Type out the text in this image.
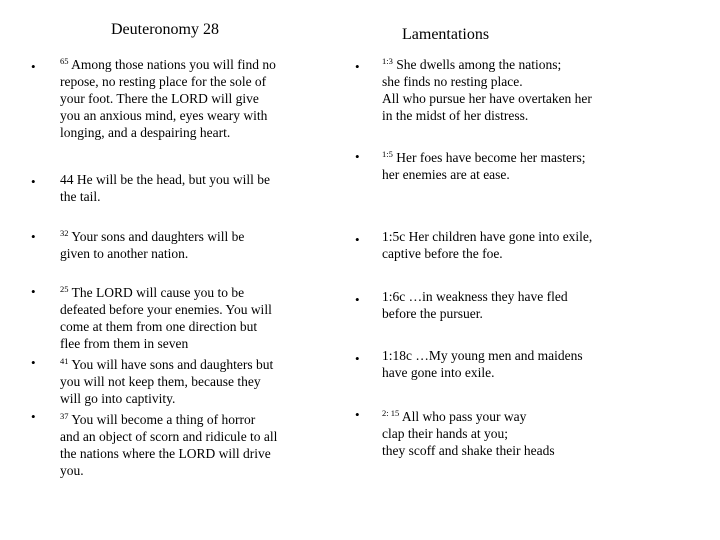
Deuteronomy 28	Lamentations
•	$^{65}$ Among those nations you will find no
repose, no resting place for the sole of
your foot. There the LORD will give
you an anxious mind, eyes weary with
longing, and a despairing heart.
• 44 He will be the head, but you will be
the tail.
•	$^{32}$ Your sons and daughters will be
given to another nation.
•	$^{25}$ The LORD will cause you to be
defeated before your enemies. You will
come at them from one direction but
flee from them in seven
•	$^{41}$ You will have sons and daughters but
you will not keep them, because they
will go into captivity.
•	$^{37}$ You will become a thing of horror
and an object of scorn and ridicule to all
the nations where the LORD will drive
you.
•	$^{1:3}$ She dwells among the nations;
she finds no resting place.
All who pursue her have overtaken her
in the midst of her distress.
•	$^{1:5}$ Her foes have become her masters;
her enemies are at ease.
• 1:5c Her children have gone into exile,
captive before the foe.
• 1:6c …in weakness they have fled
before the pursuer.
• 1:18c …My young men and maidens
have gone into exile.
•	$^{2: 15}$ All who pass your way
clap their hands at you;
they scoff and shake their heads
